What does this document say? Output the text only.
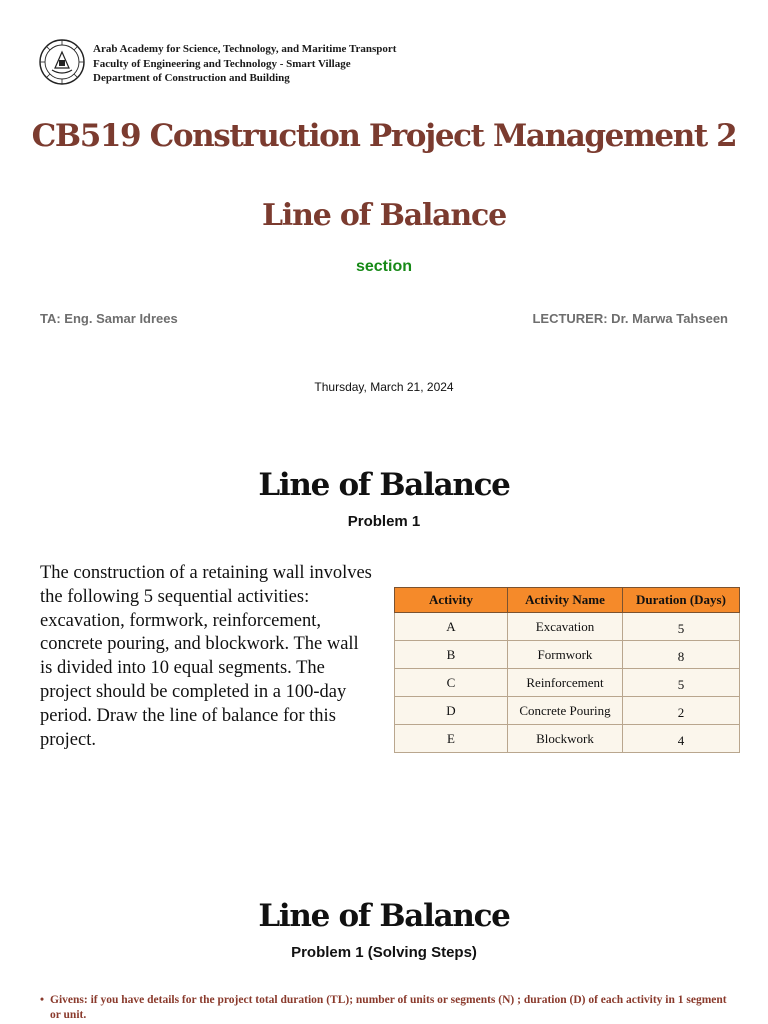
Arab Academy for Science, Technology, and Maritime Transport
Faculty of Engineering and Technology - Smart Village
Department of Construction and Building
CB519 Construction Project Management 2
Line of Balance
section
TA: Eng. Samar Idrees	LECTURER: Dr. Marwa Tahseen
Thursday, March 21, 2024
Line of Balance
Problem 1
The construction of a retaining wall involves the following 5 sequential activities: excavation, formwork, reinforcement, concrete pouring, and blockwork. The wall is divided into 10 equal segments. The project should be completed in a 100-day period. Draw the line of balance for this project.
Activity	Activity Name	Duration (Days)
A	Excavation	5
B	Formwork	8
C	Reinforcement	5
D	Concrete Pouring	2
E	Blockwork	4
Line of Balance
Problem 1 (Solving Steps)
• Givens: if you have details for the project total duration (TL); number of units or segments (N) ; duration (D) of each activity in 1 segment or unit.
